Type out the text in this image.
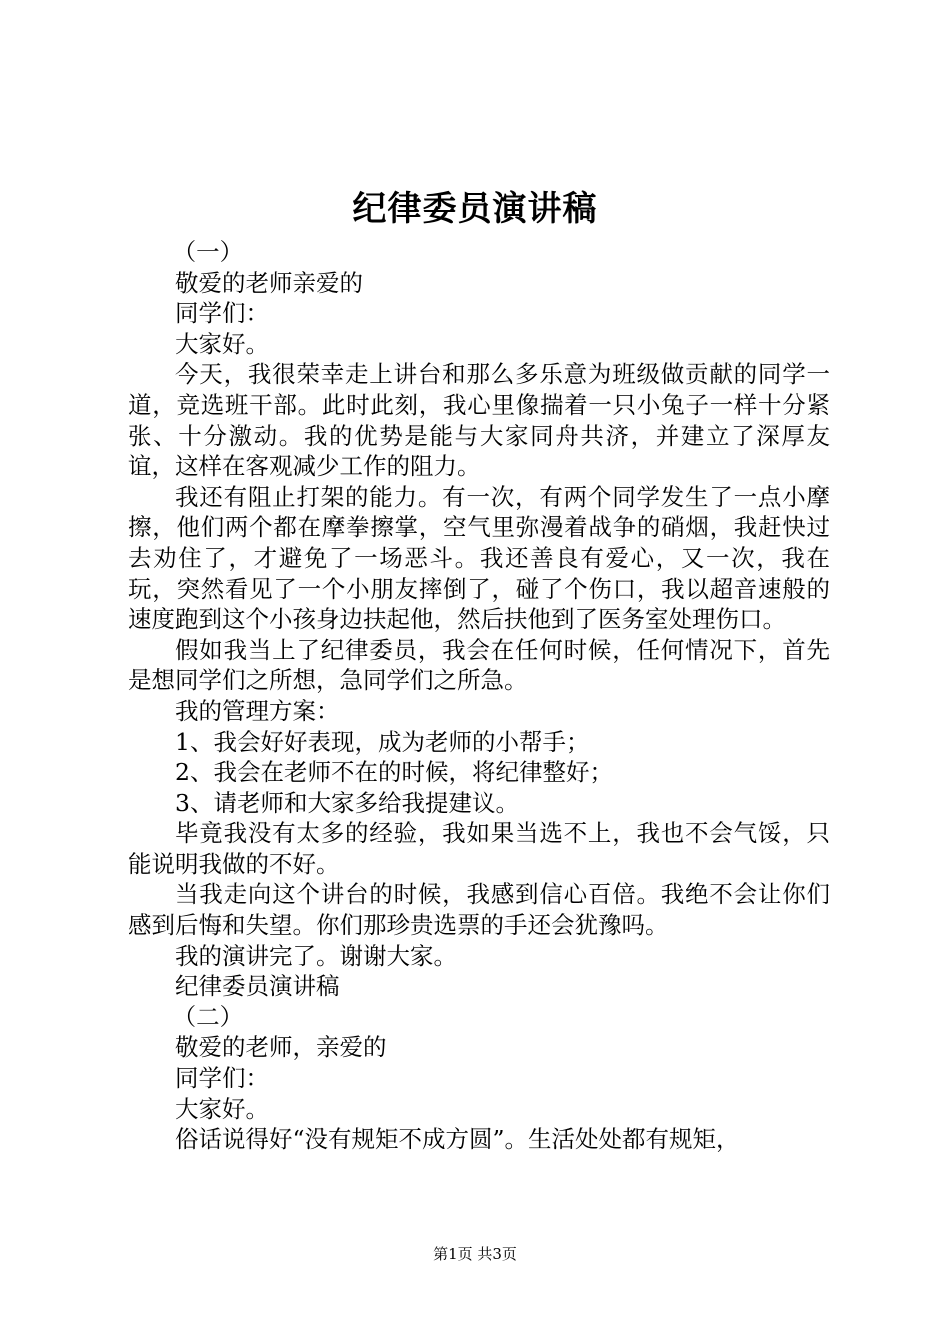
纪律委员演讲稿

（一）

敬爱的老师亲爱的

同学们：

大家好。

今天，我很荣幸走上讲台和那么多乐意为班级做贡献的同学一道，竞选班干部。此时此刻，我心里像揣着一只小兔子一样十分紧张、十分激动。我的优势是能与大家同舟共济，并建立了深厚友谊，这样在客观减少工作的阻力。

我还有阻止打架的能力。有一次，有两个同学发生了一点小摩擦，他们两个都在摩拳擦掌，空气里弥漫着战争的硝烟，我赶快过去劝住了，才避免了一场恶斗。我还善良有爱心，又一次，我在玩，突然看见了一个小朋友摔倒了，碰了个伤口，我以超音速般的速度跑到这个小孩身边扶起他，然后扶他到了医务室处理伤口。

假如我当上了纪律委员，我会在任何时候，任何情况下，首先是想同学们之所想，急同学们之所急。

我的管理方案：

1、我会好好表现，成为老师的小帮手；

2、我会在老师不在的时候，将纪律整好；

3、请老师和大家多给我提建议。

毕竟我没有太多的经验，我如果当选不上，我也不会气馁，只能说明我做的不好。

当我走向这个讲台的时候，我感到信心百倍。我绝不会让你们感到后悔和失望。你们那珍贵选票的手还会犹豫吗。

我的演讲完了。谢谢大家。

纪律委员演讲稿

（二）

敬爱的老师，亲爱的

同学们：

大家好。

俗话说得好“没有规矩不成方圆”。生活处处都有规矩，

第1页 共3页
